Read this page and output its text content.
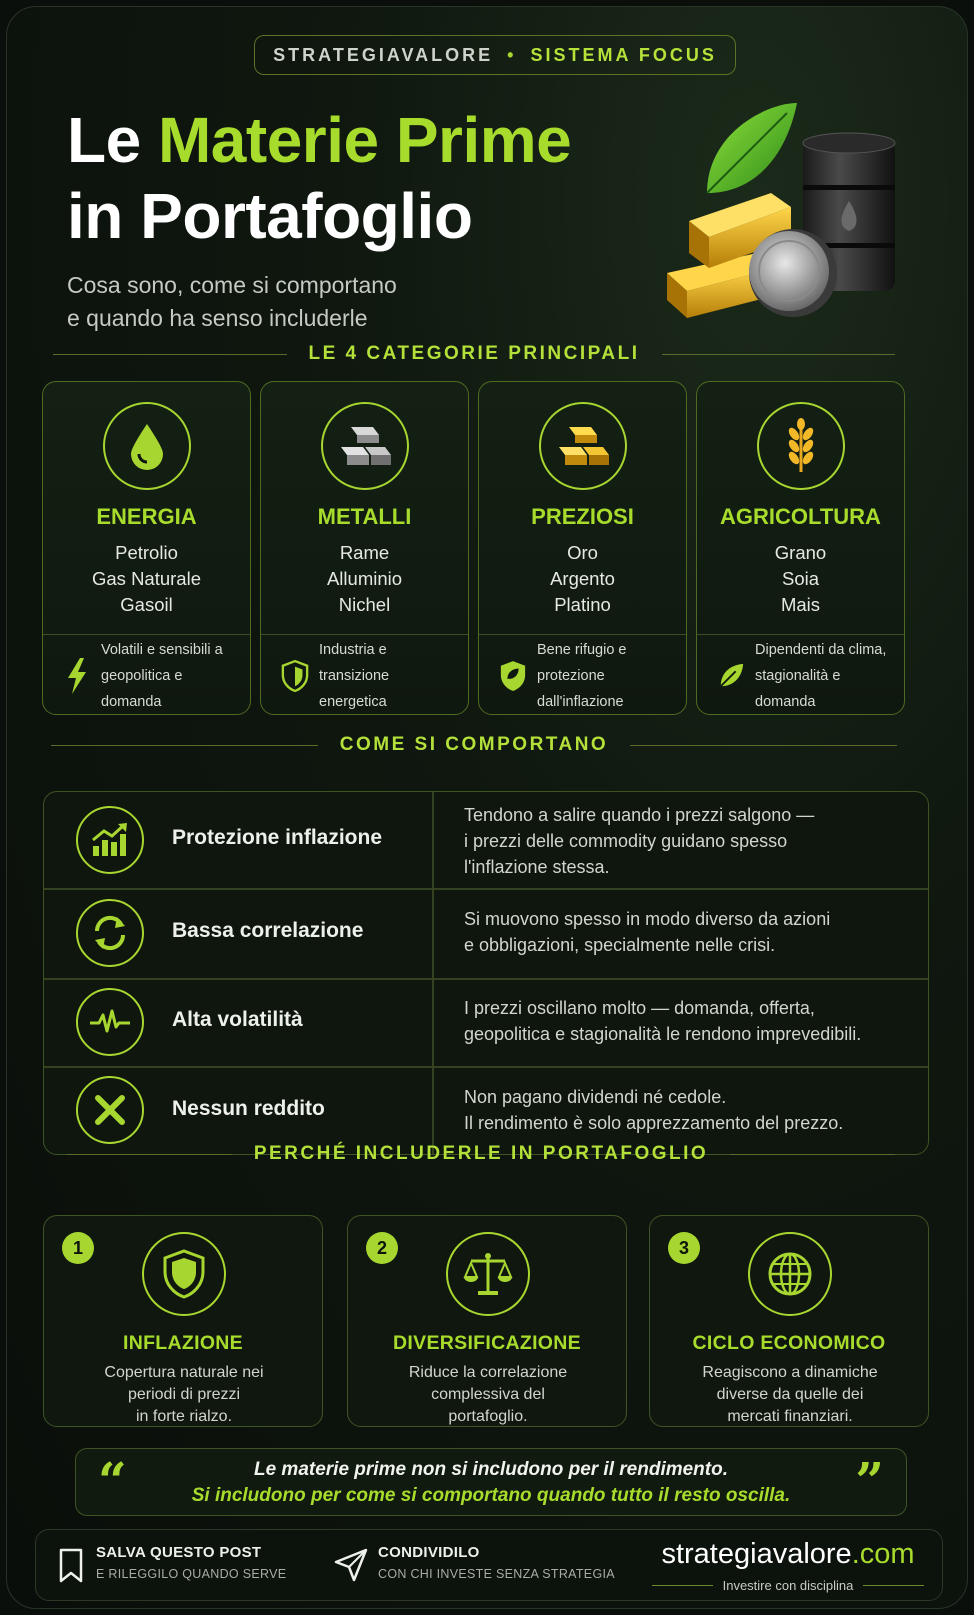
STRATEGIAVALORE • SISTEMA FOCUS
Le Materie Prime
in Portafoglio
Cosa sono, come si comportano
e quando ha senso includerle
LE 4 CATEGORIE PRINCIPALI
ENERGIA
Petrolio
Gas Naturale
Gasoil
Volatili e sensibili a
geopolitica e domanda
METALLI
Rame
Alluminio
Nichel
Industria e transizione
energetica
PREZIOSI
Oro
Argento
Platino
Bene rifugio e protezione
dall'inflazione
AGRICOLTURA
Grano
Soia
Mais
Dipendenti da clima,
stagionalità e domanda
COME SI COMPORTANO
Protezione inflazione
Tendono a salire quando i prezzi salgono —
i prezzi delle commodity guidano spesso
l'inflazione stessa.
Bassa correlazione	Si muovono spesso in modo diverso da azioni
e obbligazioni, specialmente nelle crisi.
Alta volatilità	I prezzi oscillano molto — domanda, offerta,
geopolitica e stagionalità le rendono imprevedibili.
Nessun reddito	Non pagano dividendi né cedole.
Il rendimento è solo apprezzamento del prezzo.
PERCHÉ INCLUDERLE IN PORTAFOGLIO
1
INFLAZIONE
Copertura naturale nei
periodi di prezzi
in forte rialzo.
2
DIVERSIFICAZIONE
Riduce la correlazione
complessiva del
portafoglio.
3
CICLO ECONOMICO
Reagiscono a dinamiche
diverse da quelle dei
mercati finanziari.
“	Le materie prime non si includono per il rendimento.
Si includono per come si comportano quando tutto il resto oscilla.	”
SALVA QUESTO POST
E RILEGGILO QUANDO SERVE
CONDIVIDILO
CON CHI INVESTE SENZA STRATEGIA
strategiavalore.com
Investire con disciplina
